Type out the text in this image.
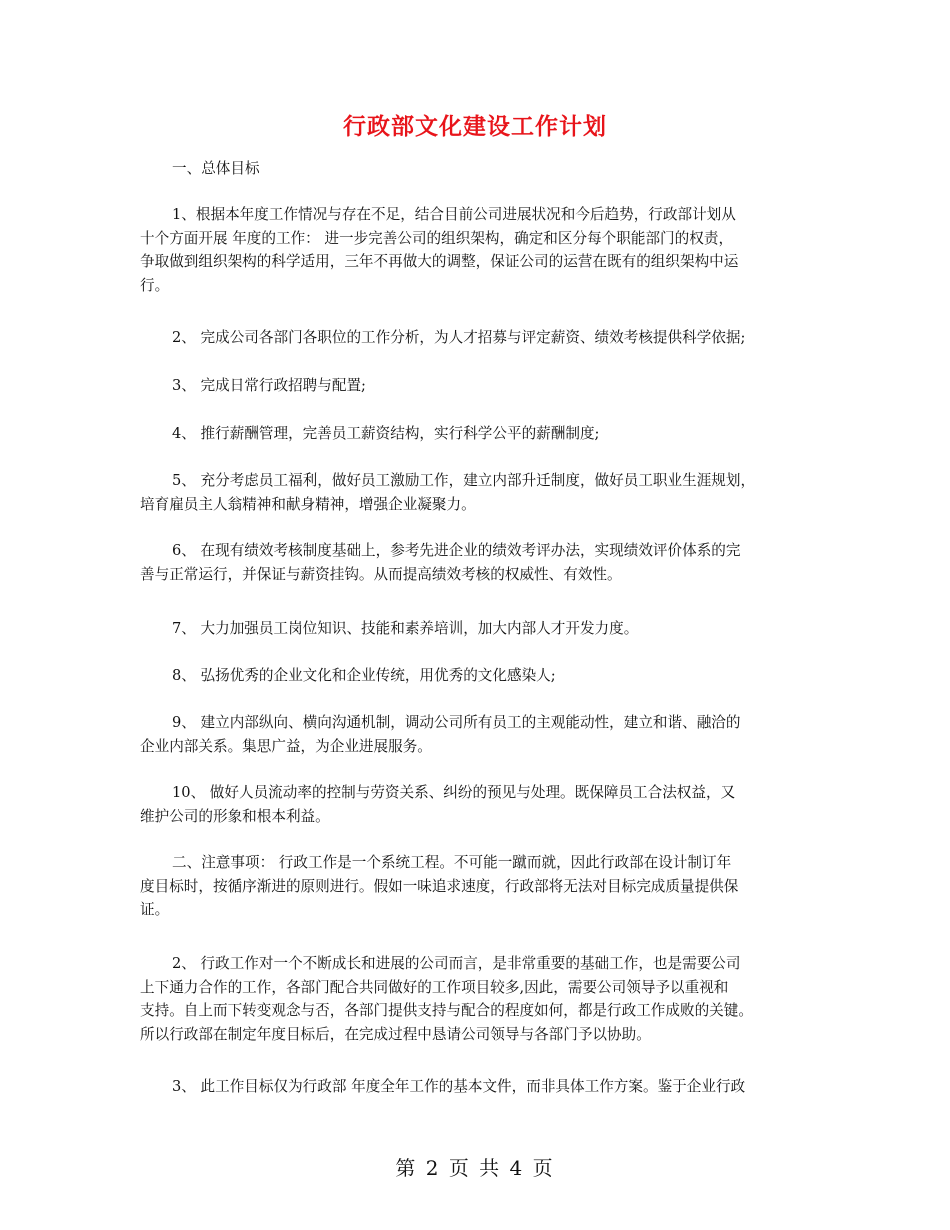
行政部文化建设工作计划
一、总体目标
1、根据本年度工作情况与存在不足，结合目前公司进展状况和今后趋势，行政部计划从
十个方面开展 年度的工作： 进一步完善公司的组织架构，确定和区分每个职能部门的权责，
争取做到组织架构的科学适用，三年不再做大的调整，保证公司的运营在既有的组织架构中运
行。
2、 完成公司各部门各职位的工作分析，为人才招募与评定薪资、绩效考核提供科学依据;
3、 完成日常行政招聘与配置;
4、 推行薪酬管理，完善员工薪资结构，实行科学公平的薪酬制度;
5、 充分考虑员工福利，做好员工激励工作，建立内部升迁制度，做好员工职业生涯规划，
培育雇员主人翁精神和献身精神，增强企业凝聚力。
6、 在现有绩效考核制度基础上，参考先进企业的绩效考评办法，实现绩效评价体系的完
善与正常运行，并保证与薪资挂钩。从而提高绩效考核的权威性、有效性。
7、 大力加强员工岗位知识、技能和素养培训，加大内部人才开发力度。
8、 弘扬优秀的企业文化和企业传统，用优秀的文化感染人;
9、 建立内部纵向、横向沟通机制，调动公司所有员工的主观能动性，建立和谐、融洽的
企业内部关系。集思广益，为企业进展服务。
10、 做好人员流动率的控制与劳资关系、纠纷的预见与处理。既保障员工合法权益，又
维护公司的形象和根本利益。
二、注意事项： 行政工作是一个系统工程。不可能一蹴而就，因此行政部在设计制订年
度目标时，按循序渐进的原则进行。假如一味追求速度，行政部将无法对目标完成质量提供保
证。
2、 行政工作对一个不断成长和进展的公司而言，是非常重要的基础工作，也是需要公司
上下通力合作的工作，各部门配合共同做好的工作项目较多,因此，需要公司领导予以重视和
支持。自上而下转变观念与否，各部门提供支持与配合的程度如何，都是行政工作成败的关键。
所以行政部在制定年度目标后，在完成过程中恳请公司领导与各部门予以协助。
3、 此工作目标仅为行政部 年度全年工作的基本文件，而非具体工作方案。鉴于企业行政
第 2 页 共 4 页
